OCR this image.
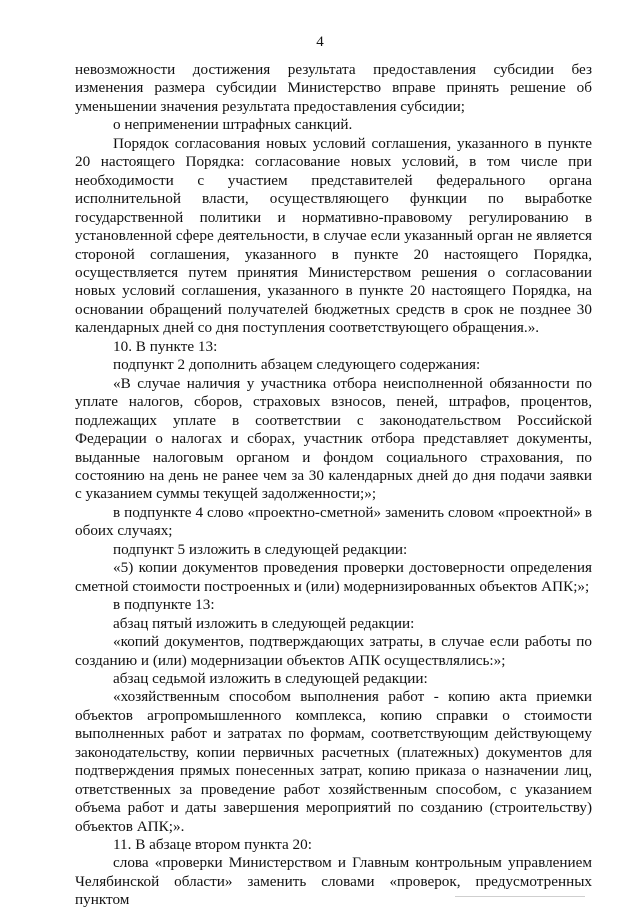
4

невозможности достижения результата предоставления субсидии без изменения размера субсидии Министерство вправе принять решение об уменьшении значения результата предоставления субсидии;

о неприменении штрафных санкций.

Порядок согласования новых условий соглашения, указанного в пункте 20 настоящего Порядка: согласование новых условий, в том числе при необходимости с участием представителей федерального органа исполнительной власти, осуществляющего функции по выработке государственной политики и нормативно-правовому регулированию в установленной сфере деятельности, в случае если указанный орган не является стороной соглашения, указанного в пункте 20 настоящего Порядка, осуществляется путем принятия Министерством решения о согласовании новых условий соглашения, указанного в пункте 20 настоящего Порядка, на основании обращений получателей бюджетных средств в срок не позднее 30 календарных дней со дня поступления соответствующего обращения.».

10. В пункте 13:

подпункт 2 дополнить абзацем следующего содержания:

«В случае наличия у участника отбора неисполненной обязанности по уплате налогов, сборов, страховых взносов, пеней, штрафов, процентов, подлежащих уплате в соответствии с законодательством Российской Федерации о налогах и сборах, участник отбора представляет документы, выданные налоговым органом и фондом социального страхования, по состоянию на день не ранее чем за 30 календарных дней до дня подачи заявки с указанием суммы текущей задолженности;»;

в подпункте 4 слово «проектно-сметной» заменить словом «проектной» в обоих случаях;

подпункт 5 изложить в следующей редакции:

«5) копии документов проведения проверки достоверности определения сметной стоимости построенных и (или) модернизированных объектов АПК;»;

в подпункте 13:

абзац пятый изложить в следующей редакции:

«копий документов, подтверждающих затраты, в случае если работы по созданию и (или) модернизации объектов АПК осуществлялись:»;

абзац седьмой изложить в следующей редакции:

«хозяйственным способом выполнения работ - копию акта приемки объектов агропромышленного комплекса, копию справки о стоимости выполненных работ и затратах по формам, соответствующим действующему законодательству, копии первичных расчетных (платежных) документов для подтверждения прямых понесенных затрат, копию приказа о назначении лиц, ответственных за проведение работ хозяйственным способом, с указанием объема работ и даты завершения мероприятий по созданию (строительству) объектов АПК;».

11. В абзаце втором пункта 20:

слова «проверки Министерством и Главным контрольным управлением Челябинской области» заменить словами «проверок, предусмотренных пунктом
